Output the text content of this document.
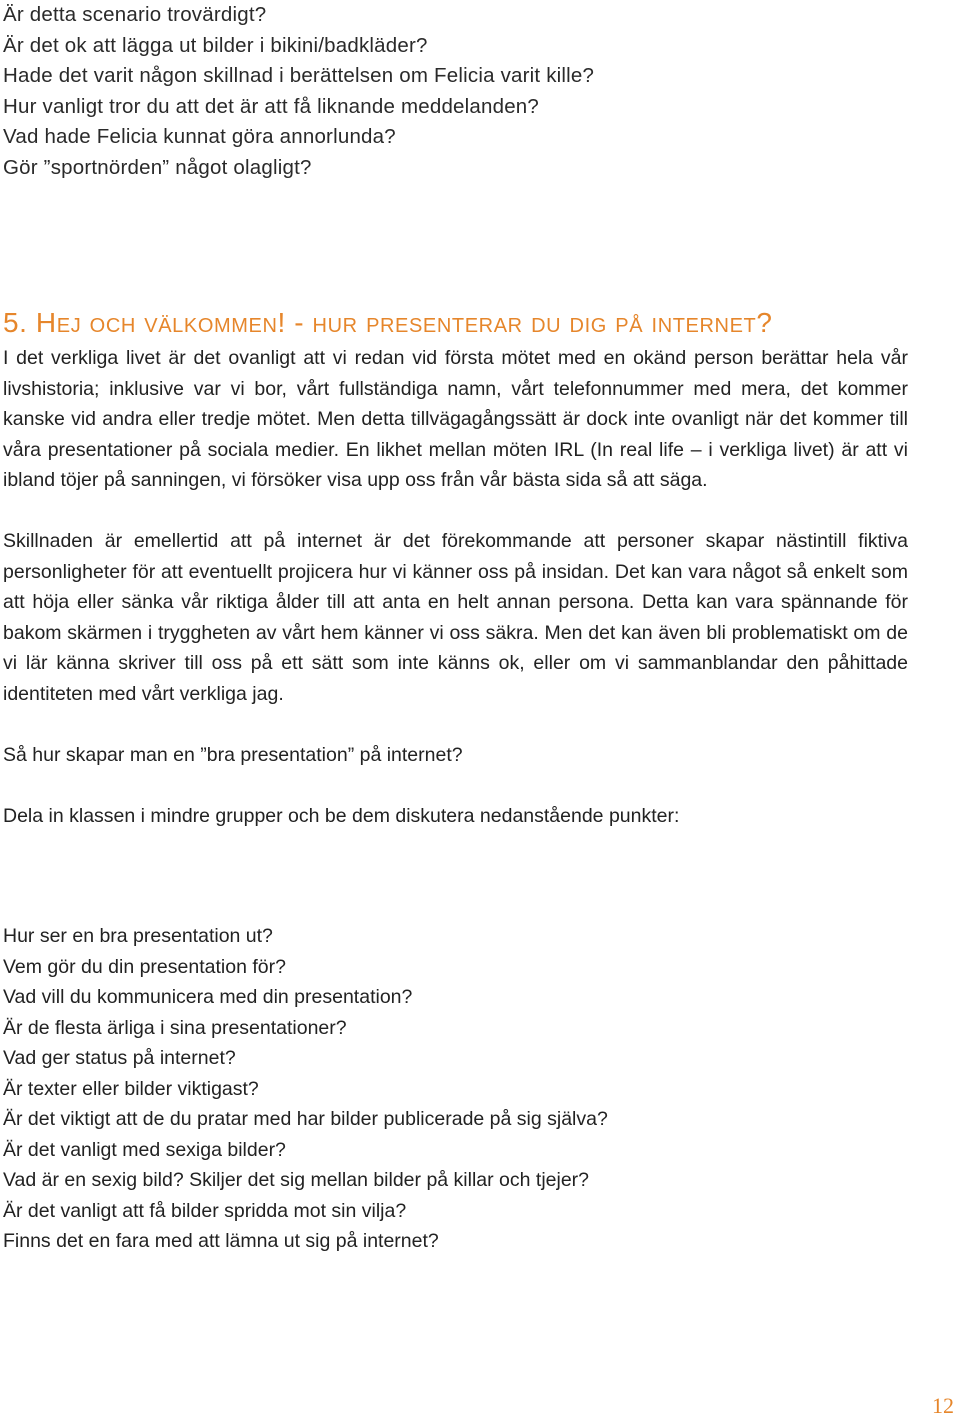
Är detta scenario trovärdigt?
Är det ok att lägga ut bilder i bikini/badkläder?
Hade det varit någon skillnad i berättelsen om Felicia varit kille?
Hur vanligt tror du att det är att få liknande meddelanden?
Vad hade Felicia kunnat göra annorlunda?
Gör ”sportnörden” något olagligt?
5. Hej och välkommen! - hur presenterar du dig på internet?

I det verkliga livet är det ovanligt att vi redan vid första mötet med en okänd person berättar hela vår livshistoria; inklusive var vi bor, vårt fullständiga namn, vårt telefonnummer med mera, det kommer kanske vid andra eller tredje mötet. Men detta tillvägagångssätt är dock inte ovanligt när det kommer till våra presentationer på sociala medier. En likhet mellan möten IRL (In real life – i verkliga livet) är att vi ibland töjer på sanningen, vi försöker visa upp oss från vår bästa sida så att säga.

Skillnaden är emellertid att på internet är det förekommande att personer skapar nästintill fiktiva personligheter för att eventuellt projicera hur vi känner oss på insidan. Det kan vara något så enkelt som att höja eller sänka vår riktiga ålder till att anta en helt annan persona. Detta kan vara spännande för bakom skärmen i tryggheten av vårt hem känner vi oss säkra. Men det kan även bli problematiskt om de vi lär känna skriver till oss på ett sätt som inte känns ok, eller om vi sammanblandar den påhittade identiteten med vårt verkliga jag.

Så hur skapar man en ”bra presentation” på internet?

Dela in klassen i mindre grupper och be dem diskutera nedanstående punkter:

Hur ser en bra presentation ut?
Vem gör du din presentation för?
Vad vill du kommunicera med din presentation?
Är de flesta ärliga i sina presentationer?
Vad ger status på internet?
Är texter eller bilder viktigast?
Är det viktigt att de du pratar med har bilder publicerade på sig själva?
Är det vanligt med sexiga bilder?
Vad är en sexig bild? Skiljer det sig mellan bilder på killar och tjejer?
Är det vanligt att få bilder spridda mot sin vilja?
Finns det en fara med att lämna ut sig på internet?
12
